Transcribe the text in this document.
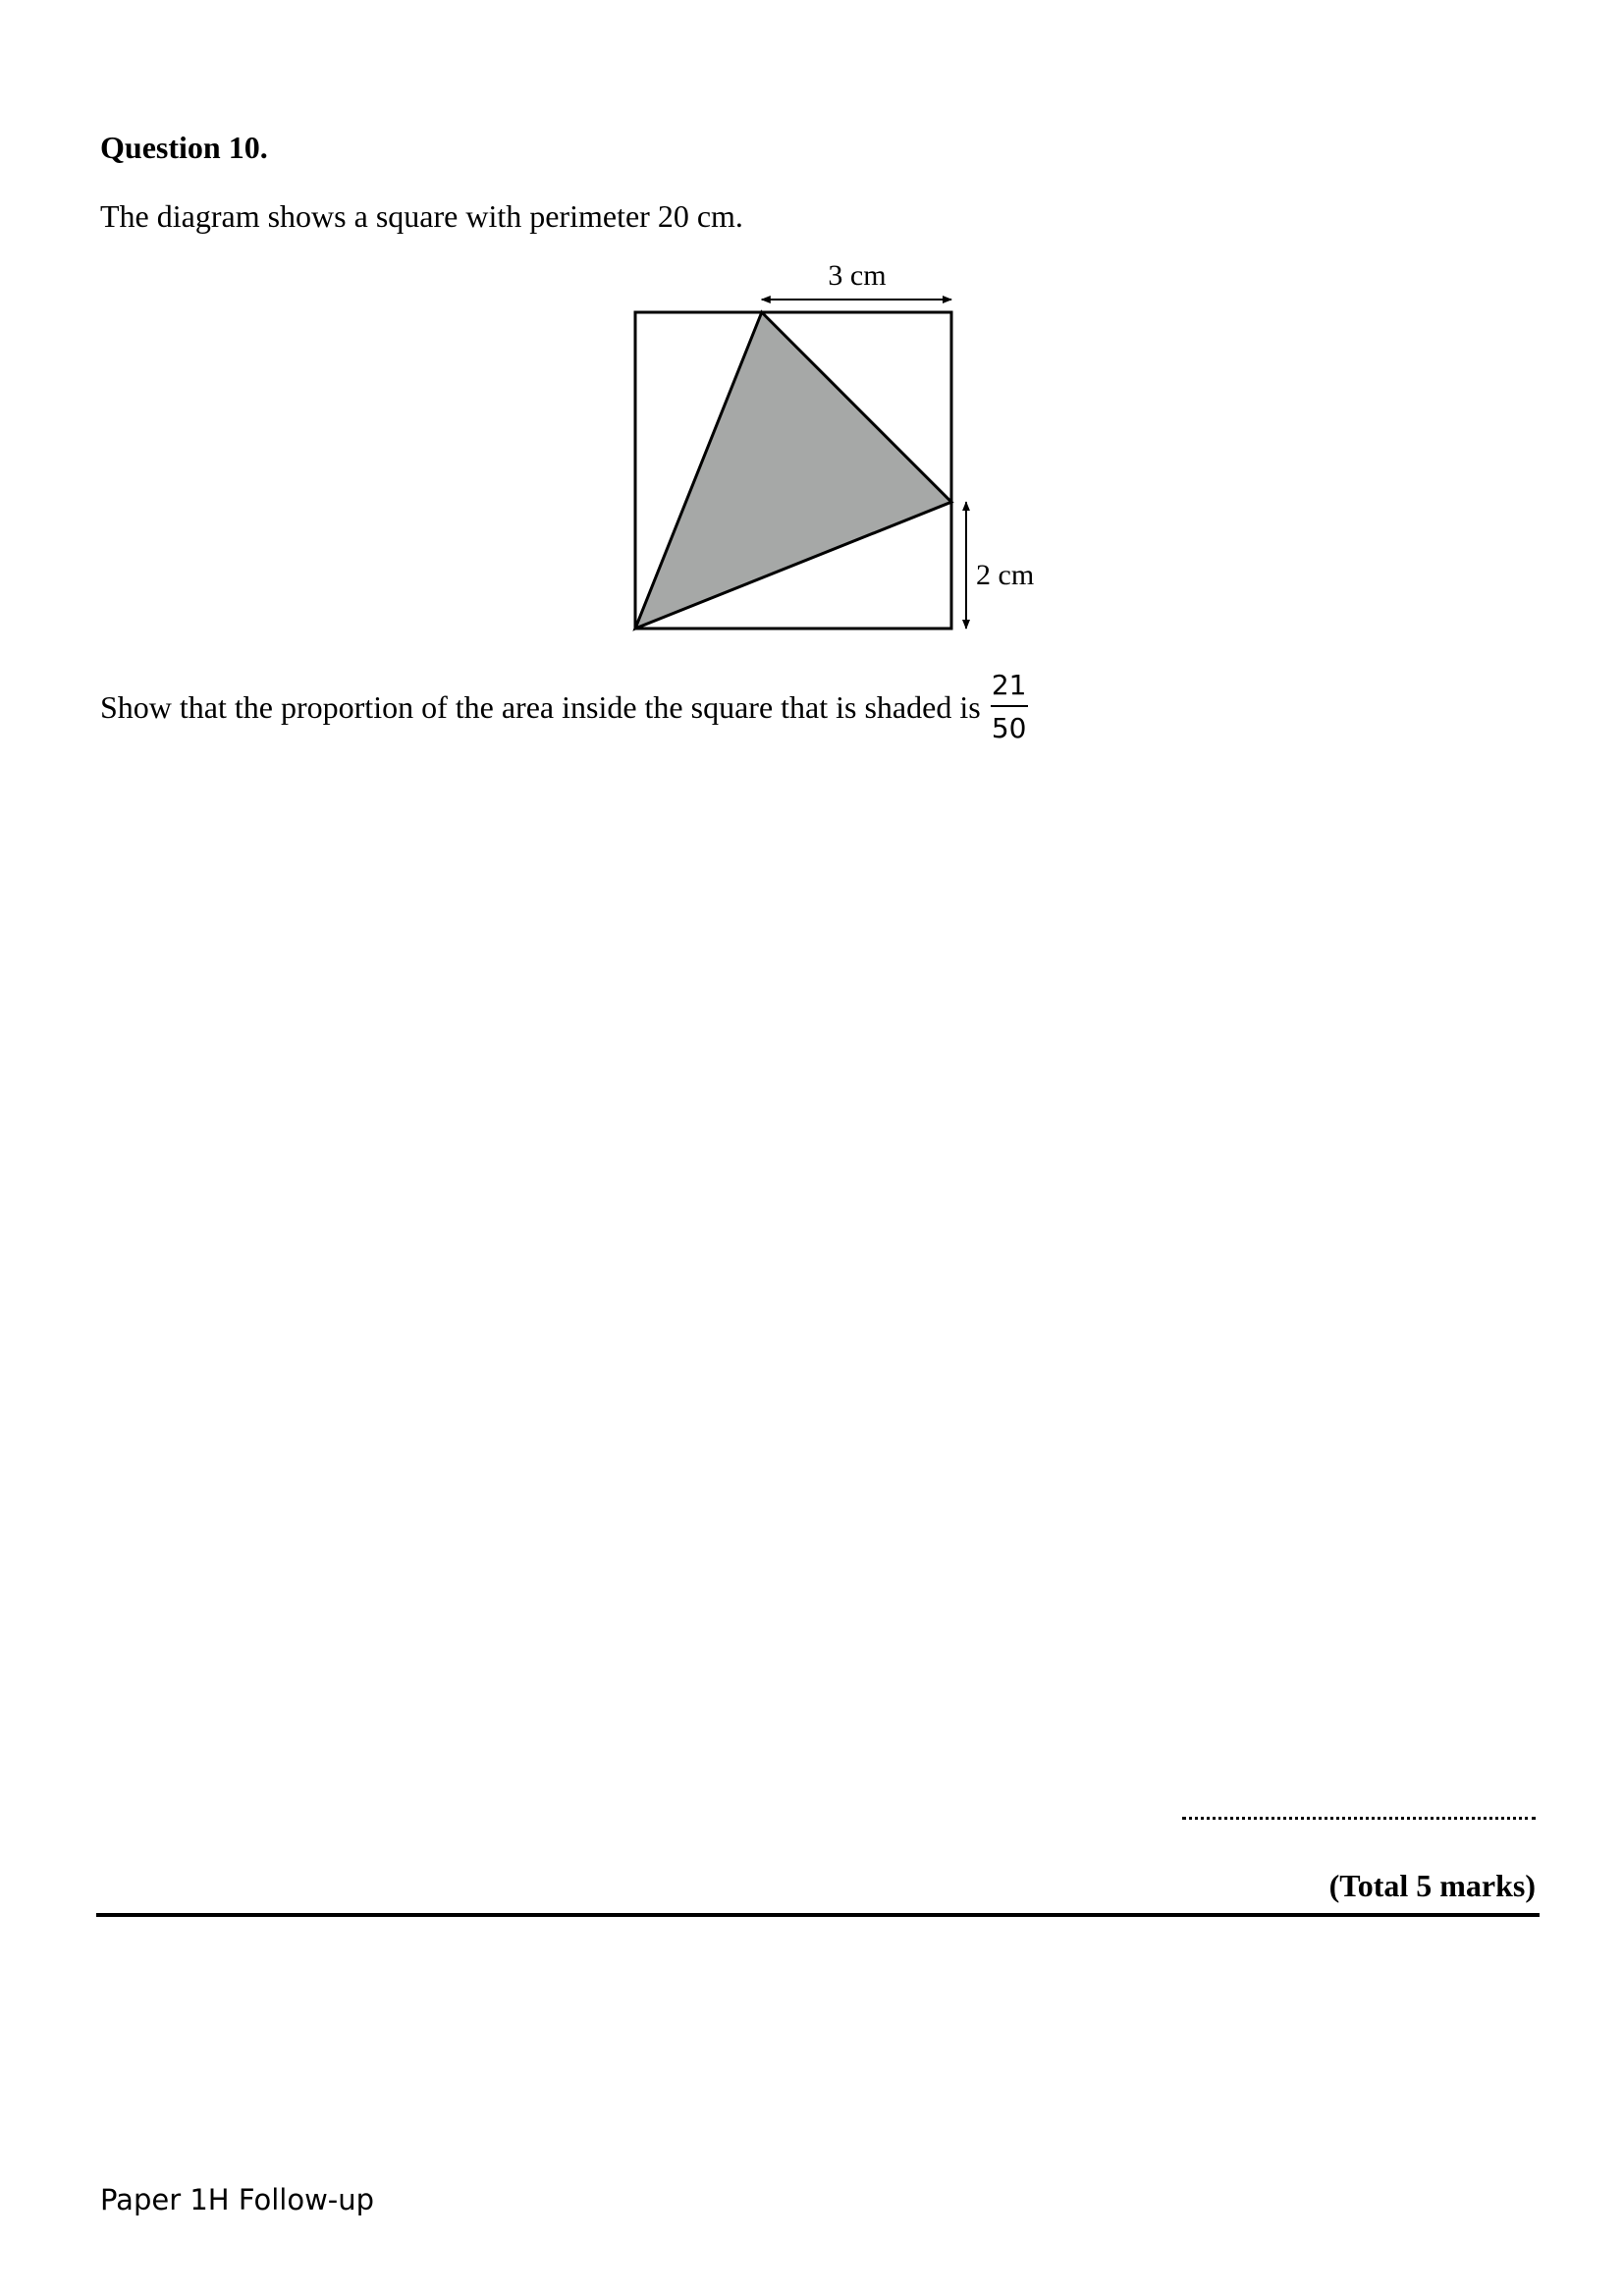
Question 10.

The diagram shows a square with perimeter 20 cm.

3 cm
2 cm
Show that the proportion of the area inside the square that is shaded is $\frac{21}{50}$

(Total 5 marks)

Paper 1H Follow-up
